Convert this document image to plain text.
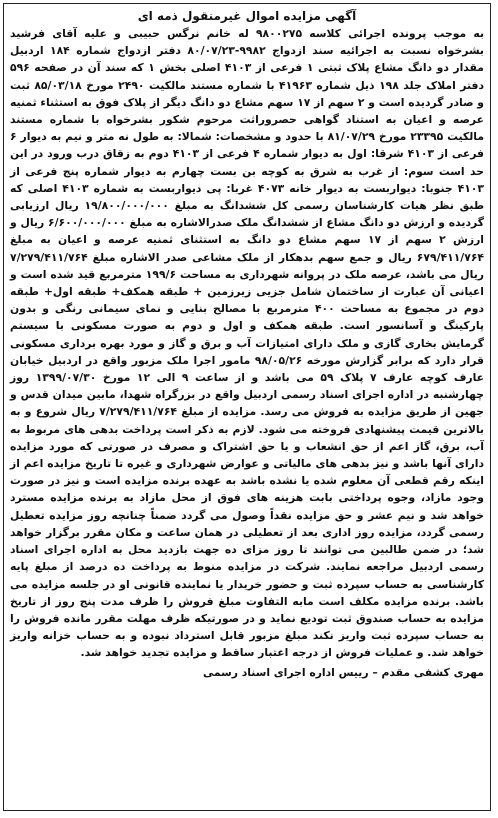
آگهی مزایده اموال غیرمنقول ذمه ای

به موجب پرونده اجرائی کلاسه ۹۸۰۰۲۷۵ له خانم نرگس حبیبی و علیه آقای فرشید بشرخواه نسبت به اجرائیه سند ازدواج ۹۹۸۲-۸۰/۰۷/۲۳ دفتر ازدواج شماره ۱۸۴ اردبیل مقدار دو دانگ مشاع پلاک ثبتی ۱ فرعی از ۴۱۰۳ اصلی بخش ۱ که سند آن در صفحه ۵۹۶ دفتر املاک جلد ۱۹۸ ذیل شماره ۴۱۹۶۳ با شماره مستند مالکیت ۲۴۹۰ مورخ ۸۵/۰۳/۱۸ ثبت و صادر گردیده است و ۲ سهم از ۱۷ سهم مشاع دو دانگ دیگر از پلاک فوق به استثناء ثمنیه عرصه و اعیان به استناد گواهی حصروراثت مرحوم شکور بشرخواه با شماره مستند مالکیت ۲۳۳۹۵ مورخ ۸۱/۰۷/۲۹ با حدود و مشخصات: شمالا: به طول نه متر و نیم به دیوار ۶ فرعی از ۴۱۰۳ شرقا: اول به دیوار شماره ۴ فرعی از ۴۱۰۳ دوم به زقاق درب ورود در این حد است سوم: از غرب به شرق به کوچه بن بست چهارم به دیوار شماره پنج فرعی از ۴۱۰۳ جنوبا: دیواربست به دیوار خانه ۴۰۷۳ غربا: پی دیواربست به شماره ۴۱۰۳ اصلی که طبق نظر هیات کارشناسان رسمی کل ششدانگ به مبلغ ۱۹/۸۰۰/۰۰۰/۰۰۰ ریال ارزیابی گردیده و ارزش دو دانگ مشاع از ششدانگ ملک صدرالاشاره به مبلغ ۶/۶۰۰/۰۰۰/۰۰۰ ریال و ارزش ۲ سهم از ۱۷ سهم مشاع دو دانگ به استثنای ثمنیه عرصه و اعیان به مبلغ ۶۷۹/۴۱۱/۷۶۴ ریال و جمع سهم بدهکار از ملک مشاعی صدر الاشاره مبلغ ۷/۲۷۹/۴۱۱/۷۶۴ ریال می باشد، عرصه ملک در پروانه شهرداری به مساحت ۱۹۹/۶ مترمربع قید شده است و اعیانی آن عبارت از ساختمان شامل جزیی زیرزمین + طبقه همکف+ طبقه اول+ طبقه دوم در مجموع به مساحت ۴۰۰ مترمربع با مصالح بنایی و نمای سیمانی رنگی و بدون پارکینگ و آسانسور است. طبقه همکف و اول و دوم به صورت مسکونی با سیستم گرمایش بخاری گازی و ملک دارای امتیازات آب و برق و گاز و مورد بهره برداری مسکونی قرار دارد که برابر گزارش مورخه ۹۸/۰۵/۲۶ مامور اجرا ملک مزبور واقع در اردبیل خیابان عارف کوچه عارف ۷ پلاک ۵۹ می باشد و از ساعت ۹ الی ۱۲ مورخ ۱۳۹۹/۰۷/۳۰ روز چهارشنبه در اداره اجرای اسناد رسمی اردبیل واقع در بزرگراه شهدا، مابین میدان قدس و جهین از طریق مزایده به فروش می رسد. مزایده از مبلغ ۷/۲۷۹/۴۱۱/۷۶۴ ریال شروع و به بالاترین قیمت پیشنهادی فروخته می شود. لازم به ذکر است پرداخت بدهی های مربوط به آب، برق، گاز اعم از حق انشعاب و یا حق اشتراک و مصرف در صورتی که مورد مزایده دارای آنها باشد و نیز بدهی های مالیاتی و عوارض شهرداری و غیره تا تاریخ مزایده اعم از اینکه رقم قطعی آن معلوم شده یا نشده باشد به عهده برنده مزایده است و نیز در صورت وجود مازاد، وجوه پرداختی بابت هزینه های فوق از محل مازاد به برنده مزایده مسترد خواهد شد و نیم عشر و حق مزایده نقداً وصول می گردد ضمناً چنانچه روز مزایده تعطیل رسمی گردد، مزایده روز اداری بعد از تعطیلی در همان ساعت و مکان مقرر برگزار خواهد شد؛ در ضمن طالبین می توانند تا روز مزای ده جهت بازدید محل به اداره اجرای اسناد رسمی اردبیل مراجعه نمایند. شرکت در مزایده منوط به پرداخت ده درصد از مبلغ پایه کارشناسی به حساب سپرده ثبت و حضور خریدار یا نماینده قانونی او در جلسه مزایده می باشد. برنده مزایده مکلف است مابه التفاوت مبلغ فروش را ظرف مدت پنج روز از تاریخ مزایده به حساب صندوق ثبت تودیع نماید و در صورتیکه ظرف مهلت مقرر مانده فروش را به حساب سپرده ثبت واریز نکند مبلغ مزبور قابل استرداد نبوده و به حساب خزانه واریز خواهد شد. و عملیات فروش از درجه اعتبار ساقط و مزایده تجدید خواهد شد.

مهری کشفی مقدم – رییس اداره اجرای اسناد رسمی
